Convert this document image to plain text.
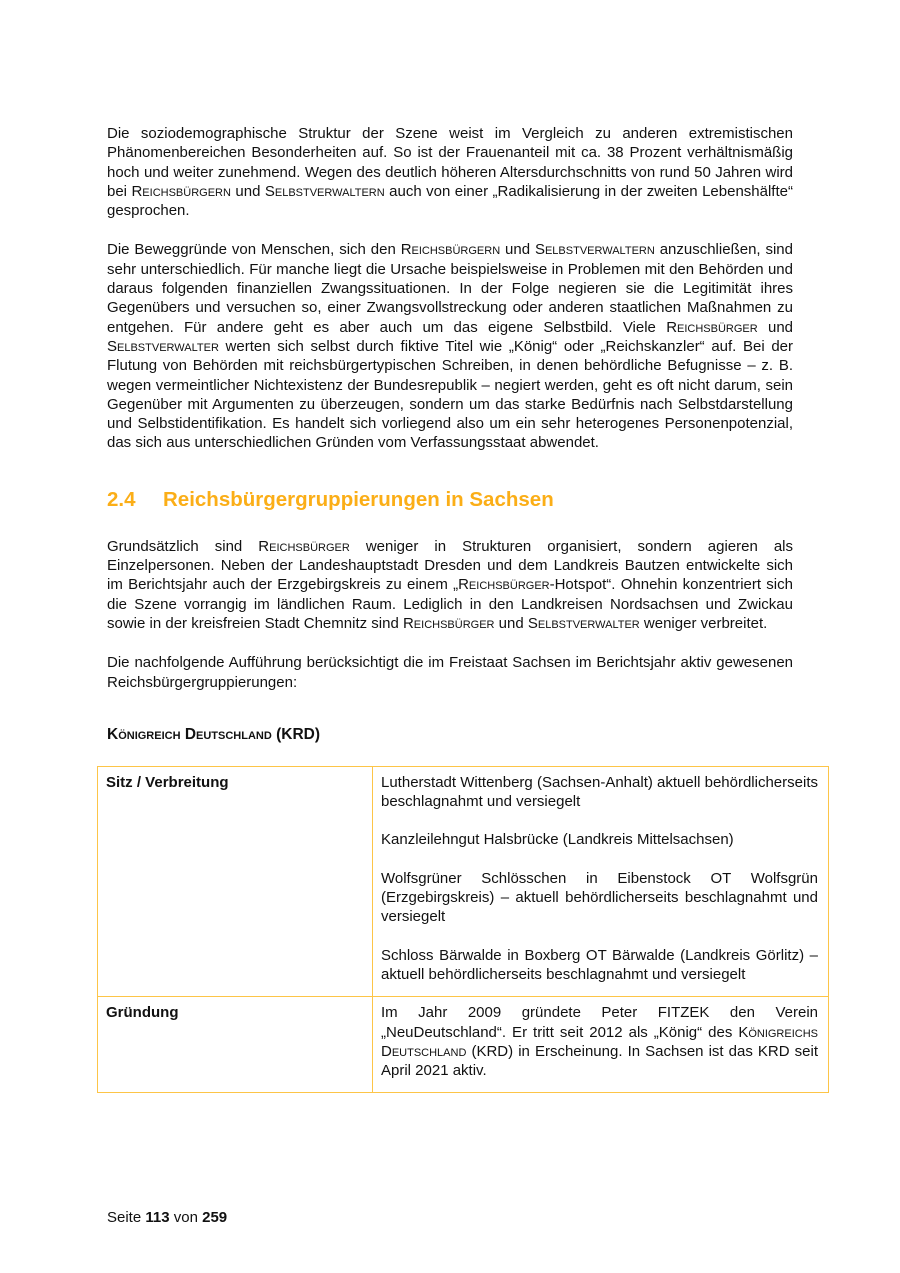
Die soziodemographische Struktur der Szene weist im Vergleich zu anderen extremistischen Phänomenbereichen Besonderheiten auf. So ist der Frauenanteil mit ca. 38 Prozent verhältnismäßig hoch und weiter zunehmend. Wegen des deutlich höheren Altersdurchschnitts von rund 50 Jahren wird bei Reichsbürgern und Selbstverwaltern auch von einer „Radikalisierung in der zweiten Lebenshälfte“ gesprochen.

Die Beweggründe von Menschen, sich den Reichsbürgern und Selbstverwaltern anzuschließen, sind sehr unterschiedlich. Für manche liegt die Ursache beispielsweise in Problemen mit den Behörden und daraus folgenden finanziellen Zwangssituationen. In der Folge negieren sie die Legitimität ihres Gegenübers und versuchen so, einer Zwangsvollstreckung oder anderen staatlichen Maßnahmen zu entgehen. Für andere geht es aber auch um das eigene Selbstbild. Viele Reichsbürger und Selbstverwalter werten sich selbst durch fiktive Titel wie „König“ oder „Reichskanzler“ auf. Bei der Flutung von Behörden mit reichsbürgertypischen Schreiben, in denen behördliche Befugnisse – z. B. wegen vermeintlicher Nichtexistenz der Bundesrepublik – negiert werden, geht es oft nicht darum, sein Gegenüber mit Argumenten zu überzeugen, sondern um das starke Bedürfnis nach Selbstdarstellung und Selbstidentifikation. Es handelt sich vorliegend also um ein sehr heterogenes Personenpotenzial, das sich aus unterschiedlichen Gründen vom Verfassungsstaat abwendet.

2.4 Reichsbürgergruppierungen in Sachsen

Grundsätzlich sind Reichsbürger weniger in Strukturen organisiert, sondern agieren als Einzelpersonen. Neben der Landeshauptstadt Dresden und dem Landkreis Bautzen entwickelte sich im Berichtsjahr auch der Erzgebirgskreis zu einem „Reichsbürger-Hotspot“. Ohnehin konzentriert sich die Szene vorrangig im ländlichen Raum. Lediglich in den Landkreisen Nordsachsen und Zwickau sowie in der kreisfreien Stadt Chemnitz sind Reichsbürger und Selbstverwalter weniger verbreitet.

Die nachfolgende Aufführung berücksichtigt die im Freistaat Sachsen im Berichtsjahr aktiv gewesenen Reichsbürgergruppierungen:

Königreich Deutschland (KRD)
Sitz / Verbreitung	Lutherstadt Wittenberg (Sachsen-Anhalt) aktuell behördlicherseits beschlagnahmt und versiegelt

Kanzleilehngut Halsbrücke (Landkreis Mittelsachsen)

Wolfsgrüner Schlösschen in Eibenstock OT Wolfsgrün (Erzgebirgskreis) – aktuell behördlicherseits beschlagnahmt und versiegelt

Schloss Bärwalde in Boxberg OT Bärwalde (Landkreis Görlitz) – aktuell behördlicherseits beschlagnahmt und versiegelt

Gründung	Im Jahr 2009 gründete Peter FITZEK den Verein „NeuDeutschland“. Er tritt seit 2012 als „König“ des Königreichs Deutschland (KRD) in Erscheinung. In Sachsen ist das KRD seit April 2021 aktiv.

Seite 113 von 259
